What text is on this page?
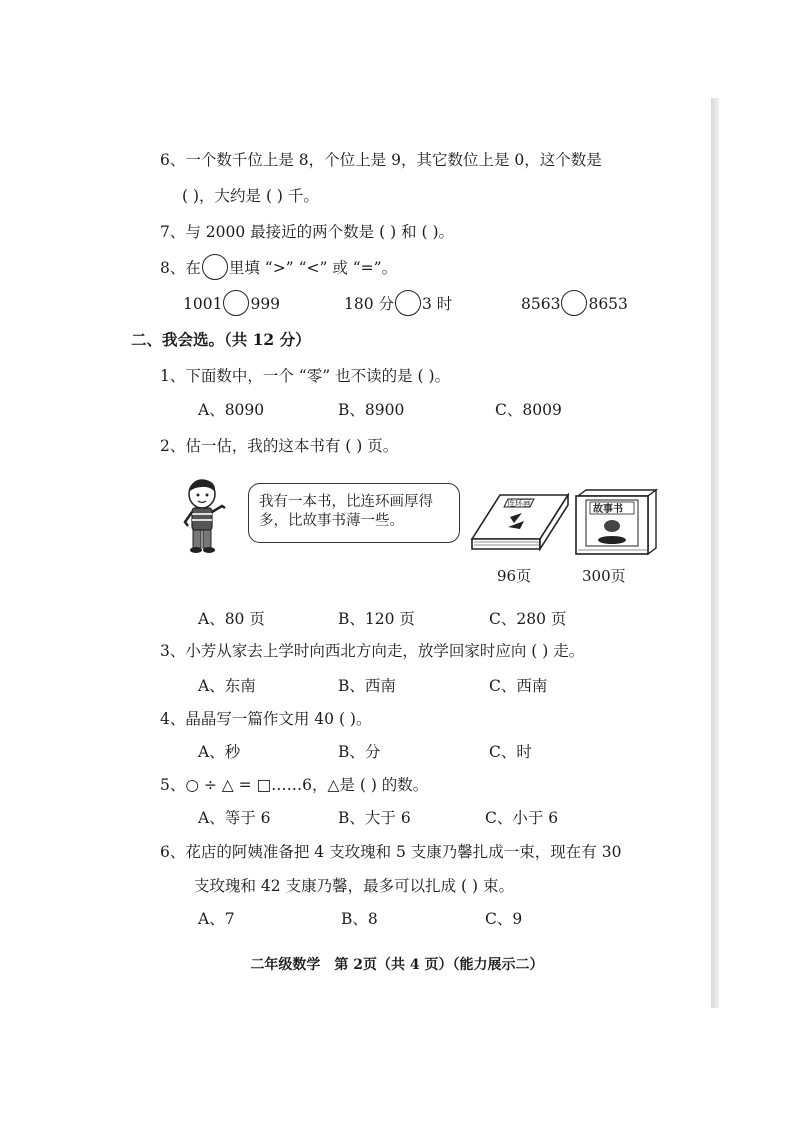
6、一个数千位上是 8，个位上是 9，其它数位上是 0，这个数是
( )，大约是 ( ) 千。
7、与 2000 最接近的两个数是 ( ) 和 ( )。
8、在 里填 “>” “<” 或 “=”。
1001 999	180 分 3 时	8563 8653
二、我会选。（共 12 分）
1、下面数中，一个 “零” 也不读的是 ( )。
A、8090	B、8900	C、8009
2、估一估，我的这本书有 ( ) 页。
我有一本书，比连环画厚得多，比故事书薄一些。
连环画
96页
故事书
300页
A、80 页	B、120 页	C、280 页
3、小芳从家去上学时向西北方向走，放学回家时应向 ( ) 走。
A、东南	B、西南	C、西南
4、晶晶写一篇作文用 40 ( )。
A、秒	B、分	C、时
5、○ ÷ △ = □……6，△是 ( ) 的数。
A、等于 6	B、大于 6	C、小于 6
6、花店的阿姨准备把 4 支玫瑰和 5 支康乃馨扎成一束，现在有 30
支玫瑰和 42 支康乃馨，最多可以扎成 ( ) 束。
A、7	B、8	C、9
二年级数学　第 2页（共 4 页）（能力展示二）
